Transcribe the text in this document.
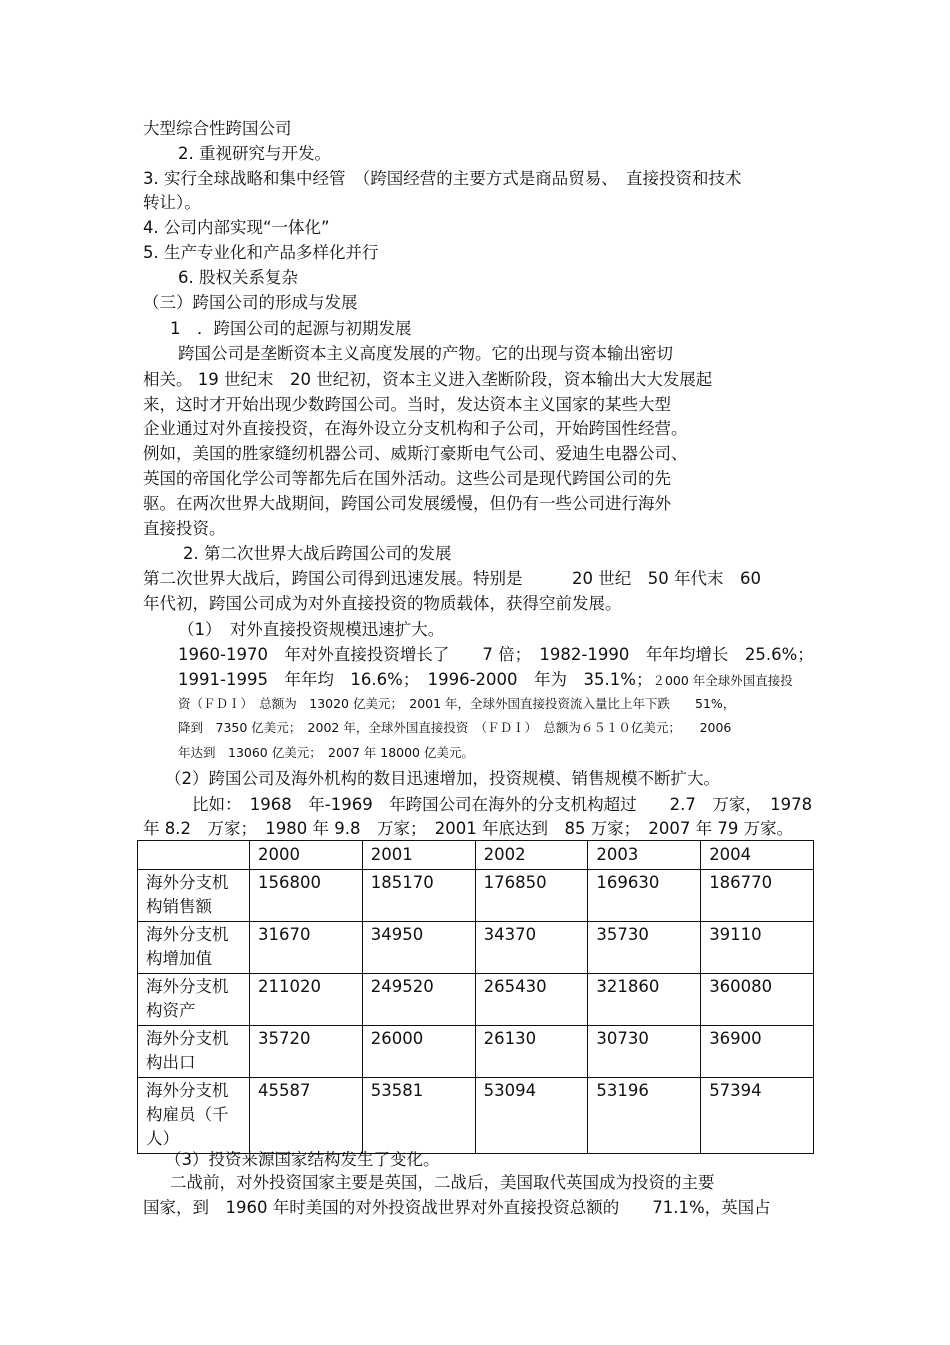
大型综合性跨国公司
2. 重视研究与开发。
3. 实行全球战略和集中经管　（跨国经营的主要方式是商品贸易、　直接投资和技术
转让）。
4. 公司内部实现“一体化”
5. 生产专业化和产品多样化并行
6. 股权关系复杂
（三）跨国公司的形成与发展
1　．跨国公司的起源与初期发展
跨国公司是垄断资本主义高度发展的产物。它的出现与资本输出密切
相关。 19 世纪末　20 世纪初，资本主义进入垄断阶段，资本输出大大发展起
来，这时才开始出现少数跨国公司。当时，发达资本主义国家的某些大型
企业通过对外直接投资，在海外设立分支机构和子公司，开始跨国性经营。
例如，美国的胜家缝纫机器公司、威斯汀豪斯电气公司、爱迪生电器公司、
英国的帝国化学公司等都先后在国外活动。这些公司是现代跨国公司的先
驱。在两次世界大战期间，跨国公司发展缓慢，但仍有一些公司进行海外
直接投资。
2. 第二次世界大战后跨国公司的发展
第二次世界大战后，跨国公司得到迅速发展。特别是　　　20 世纪　50 年代末　60
年代初，跨国公司成为对外直接投资的物质载体，获得空前发展。
（1）　对外直接投资规模迅速扩大。
1960-1970　年对外直接投资增长了　　7 倍；　1982-1990　年年均增长　25.6%；
1991-1995　年年均　16.6%；　1996-2000　年为　35.1%；２000 年全球外国直接投
资（ＦＤＩ）　总额为　13020 亿美元；　2001 年，全球外国直接投资流入量比上年下跌　　51%，
降到　7350 亿美元；　2002 年，全球外国直接投资　（ＦＤＩ）　总额为６５１０亿美元；　　2006
年达到　13060 亿美元；　2007 年 18000 亿美元。
（2）跨国公司及海外机构的数目迅速增加，投资规模、销售规模不断扩大。
比如：　1968　年-1969　年跨国公司在海外的分支机构超过　　2.7　万家，　1978
年 8.2　万家；　1980 年 9.8　万家；　2001 年底达到　85 万家；　2007 年 79 万家。
	2000	2001	2002	2003	2004
海外分支机构销售额	156800	185170	176850	169630	186770
海外分支机构增加值	31670	34950	34370	35730	39110
海外分支机构资产	211020	249520	265430	321860	360080
海外分支机构出口	35720	26000	26130	30730	36900
海外分支机构雇员（千人）	45587	53581	53094	53196	57394
（3）投资来源国家结构发生了变化。
二战前，对外投资国家主要是英国，二战后，美国取代英国成为投资的主要
国家，到　1960 年时美国的对外投资战世界对外直接投资总额的　　71.1%，英国占
